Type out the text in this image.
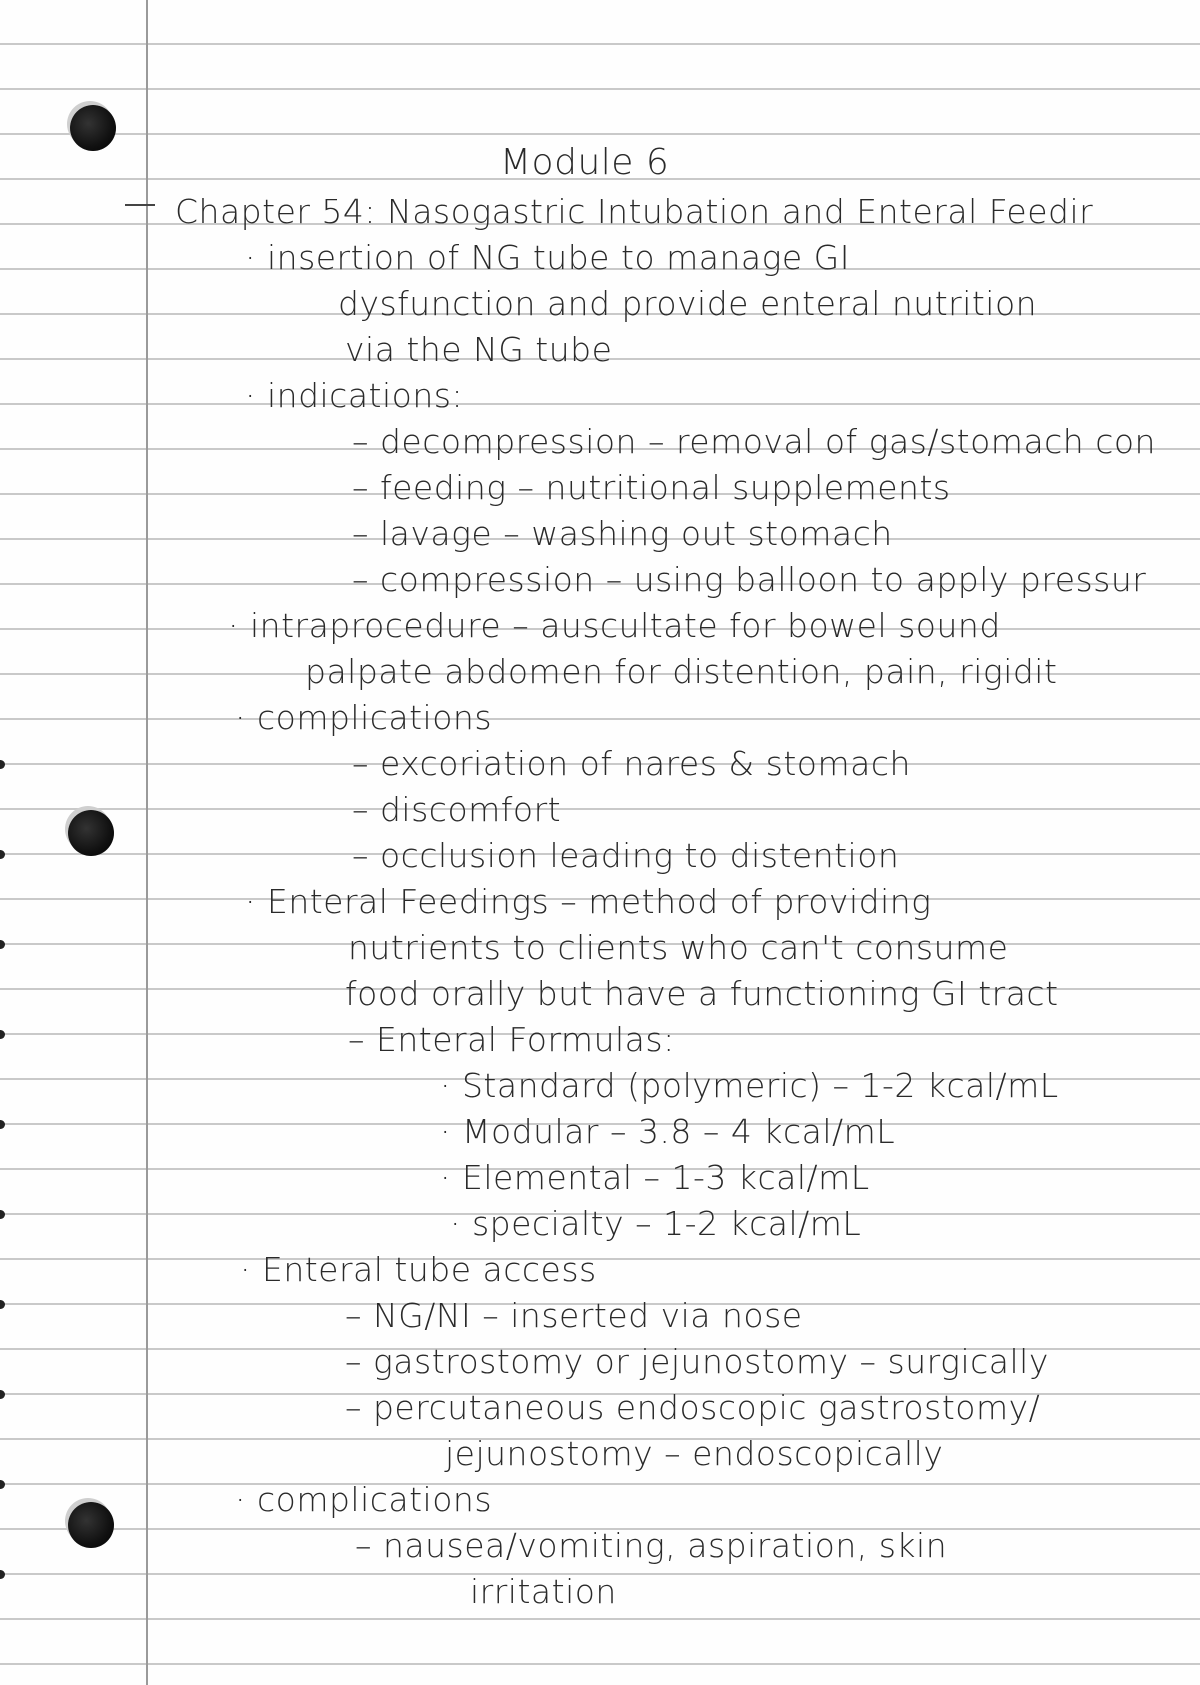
Module 6
Chapter 54: Nasogastric Intubation and Enteral Feedir
· insertion of NG tube to manage GI
dysfunction and provide enteral nutrition
via the NG tube
· indications:
– decompression – removal of gas/stomach con
– feeding – nutritional supplements
– lavage – washing out stomach
– compression – using balloon to apply pressur
· intraprocedure – auscultate for bowel sound
palpate abdomen for distention, pain, rigidit
· complications
– excoriation of nares & stomach
– discomfort
– occlusion leading to distention
· Enteral Feedings – method of providing
nutrients to clients who can't consume
food orally but have a functioning GI tract
– Enteral Formulas:
· Standard (polymeric) – 1-2 kcal/mL
· Modular – 3.8 – 4 kcal/mL
· Elemental – 1-3 kcal/mL
· specialty – 1-2 kcal/mL
· Enteral tube access
– NG/NI – inserted via nose
– gastrostomy or jejunostomy – surgically
– percutaneous endoscopic gastrostomy/
jejunostomy – endoscopically
· complications
– nausea/vomiting, aspiration, skin
irritation
